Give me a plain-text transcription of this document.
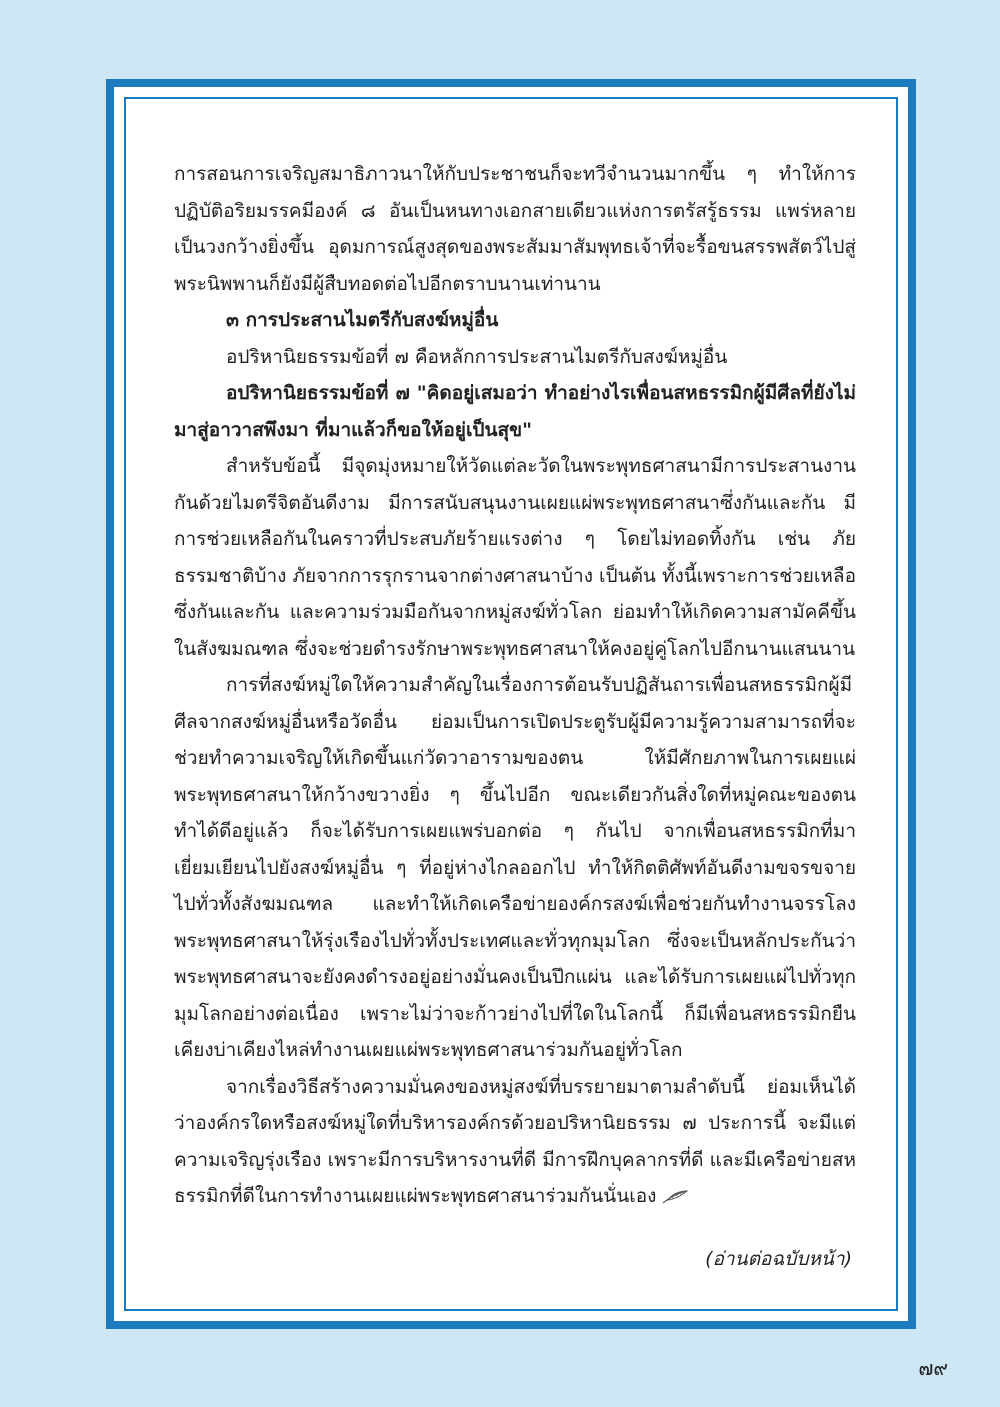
การสอนการเจริญสมาธิภาวนาให้กับประชาชนก็จะทวีจำนวนมากขึ้น ๆ ทำให้การปฏิบัติอริยมรรคมีองค์ ๘ อันเป็นหนทางเอกสายเดียวแห่งการตรัสรู้ธรรม แพร่หลายเป็นวงกว้างยิ่งขึ้น อุดมการณ์สูงสุดของพระสัมมาสัมพุทธเจ้าที่จะรื้อขนสรรพสัตว์ไปสู่พระนิพพานก็ยังมีผู้สืบทอดต่อไปอีกตราบนานเท่านาน

๓ การประสานไมตรีกับสงฆ์หมู่อื่น

อปริหานิยธรรมข้อที่ ๗ คือหลักการประสานไมตรีกับสงฆ์หมู่อื่น

อปริหานิยธรรมข้อที่ ๗ "คิดอยู่เสมอว่า ทำอย่างไรเพื่อนสหธรรมิกผู้มีศีลที่ยังไม่มาสู่อาวาสพึงมา ที่มาแล้วก็ขอให้อยู่เป็นสุข"

สำหรับข้อนี้ มีจุดมุ่งหมายให้วัดแต่ละวัดในพระพุทธศาสนามีการประสานงานกันด้วยไมตรีจิตอันดีงาม มีการสนับสนุนงานเผยแผ่พระพุทธศาสนาซึ่งกันและกัน มีการช่วยเหลือกันในคราวที่ประสบภัยร้ายแรงต่าง ๆ โดยไม่ทอดทิ้งกัน เช่น ภัยธรรมชาติบ้าง ภัยจากการรุกรานจากต่างศาสนาบ้าง เป็นต้น ทั้งนี้เพราะการช่วยเหลือซึ่งกันและกัน และความร่วมมือกันจากหมู่สงฆ์ทั่วโลก ย่อมทำให้เกิดความสามัคคีขึ้นในสังฆมณฑล ซึ่งจะช่วยดำรงรักษาพระพุทธศาสนาให้คงอยู่คู่โลกไปอีกนานแสนนาน

การที่สงฆ์หมู่ใดให้ความสำคัญในเรื่องการต้อนรับปฏิสันถารเพื่อนสหธรรมิกผู้มีศีลจากสงฆ์หมู่อื่นหรือวัดอื่น ย่อมเป็นการเปิดประตูรับผู้มีความรู้ความสามารถที่จะช่วยทำความเจริญให้เกิดขึ้นแก่วัดวาอารามของตน ให้มีศักยภาพในการเผยแผ่พระพุทธศาสนาให้กว้างขวางยิ่ง ๆ ขึ้นไปอีก ขณะเดียวกันสิ่งใดที่หมู่คณะของตนทำได้ดีอยู่แล้ว ก็จะได้รับการเผยแพร่บอกต่อ ๆ กันไป จากเพื่อนสหธรรมิกที่มาเยี่ยมเยียนไปยังสงฆ์หมู่อื่น ๆ ที่อยู่ห่างไกลออกไป ทำให้กิตติศัพท์อันดีงามขจรขจายไปทั่วทั้งสังฆมณฑล และทำให้เกิดเครือข่ายองค์กรสงฆ์เพื่อช่วยกันทำงานจรรโลงพระพุทธศาสนาให้รุ่งเรืองไปทั่วทั้งประเทศและทั่วทุกมุมโลก ซึ่งจะเป็นหลักประกันว่า พระพุทธศาสนาจะยังคงดำรงอยู่อย่างมั่นคงเป็นปึกแผ่น และได้รับการเผยแผ่ไปทั่วทุกมุมโลกอย่างต่อเนื่อง เพราะไม่ว่าจะก้าวย่างไปที่ใดในโลกนี้ ก็มีเพื่อนสหธรรมิกยืนเคียงบ่าเคียงไหล่ทำงานเผยแผ่พระพุทธศาสนาร่วมกันอยู่ทั่วโลก

จากเรื่องวิธีสร้างความมั่นคงของหมู่สงฆ์ที่บรรยายมาตามลำดับนี้ ย่อมเห็นได้ว่าองค์กรใดหรือสงฆ์หมู่ใดที่บริหารองค์กรด้วยอปริหานิยธรรม ๗ ประการนี้ จะมีแต่ความเจริญรุ่งเรือง เพราะมีการบริหารงานที่ดี มีการฝึกบุคลากรที่ดี และมีเครือข่ายสหธรรมิกที่ดีในการทำงานเผยแผ่พระพุทธศาสนาร่วมกันนั่นเอง

(อ่านต่อฉบับหน้า)

๗๙
